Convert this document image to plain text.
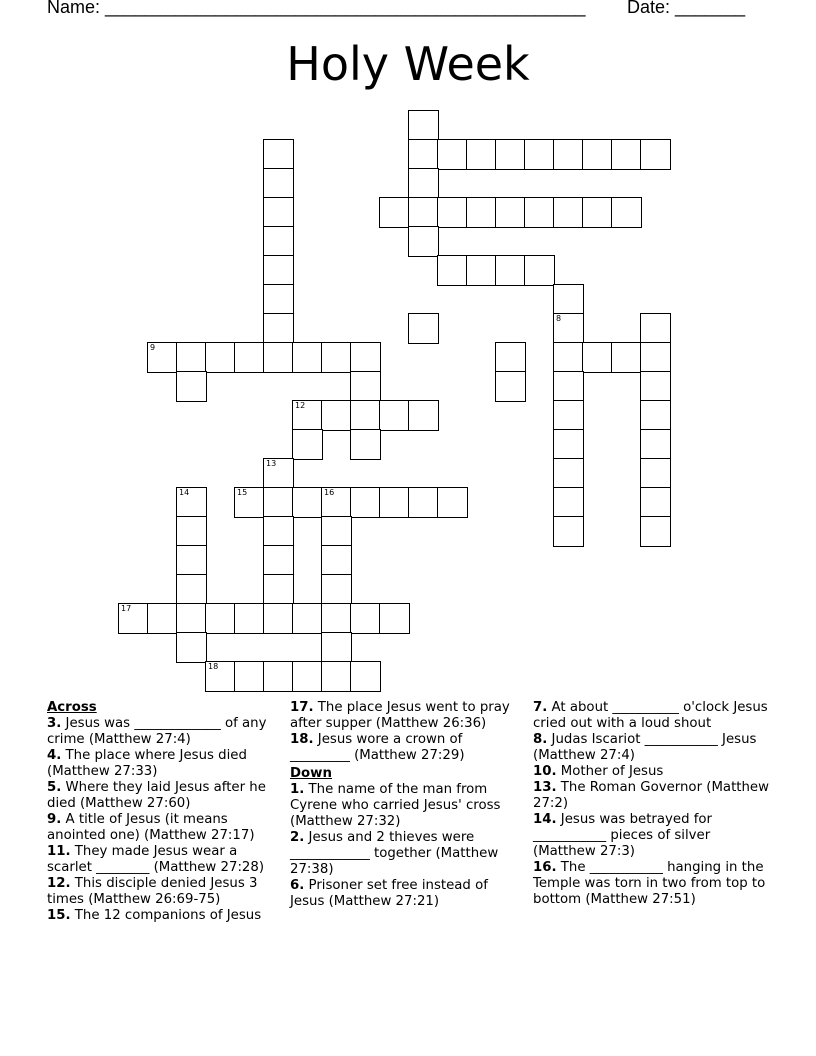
Name: ________________________________________________ Date: _______
Holy Week
8
9
12
13
14	15	16
17
18

Across

3. Jesus was _____________ of any crime (Matthew 27:4)

4. The place where Jesus died (Matthew 27:33)

5. Where they laid Jesus after he died (Matthew 27:60)

9. A title of Jesus (it means anointed one) (Matthew 27:17)

11. They made Jesus wear a scarlet ________ (Matthew 27:28)

12. This disciple denied Jesus 3 times (Matthew 26:69-75)

15. The 12 companions of Jesus

17. The place Jesus went to pray after supper (Matthew 26:36)

18. Jesus wore a crown of _________ (Matthew 27:29)

Down

1. The name of the man from Cyrene who carried Jesus' cross (Matthew 27:32)

2. Jesus and 2 thieves were ____________ together (Matthew 27:38)

6. Prisoner set free instead of Jesus (Matthew 27:21)

7. At about __________ o'clock Jesus cried out with a loud shout

8. Judas Iscariot ___________ Jesus (Matthew 27:4)

10. Mother of Jesus

13. The Roman Governor (Matthew 27:2)

14. Jesus was betrayed for ___________ pieces of silver (Matthew 27:3)

16. The ___________ hanging in the Temple was torn in two from top to bottom (Matthew 27:51)
